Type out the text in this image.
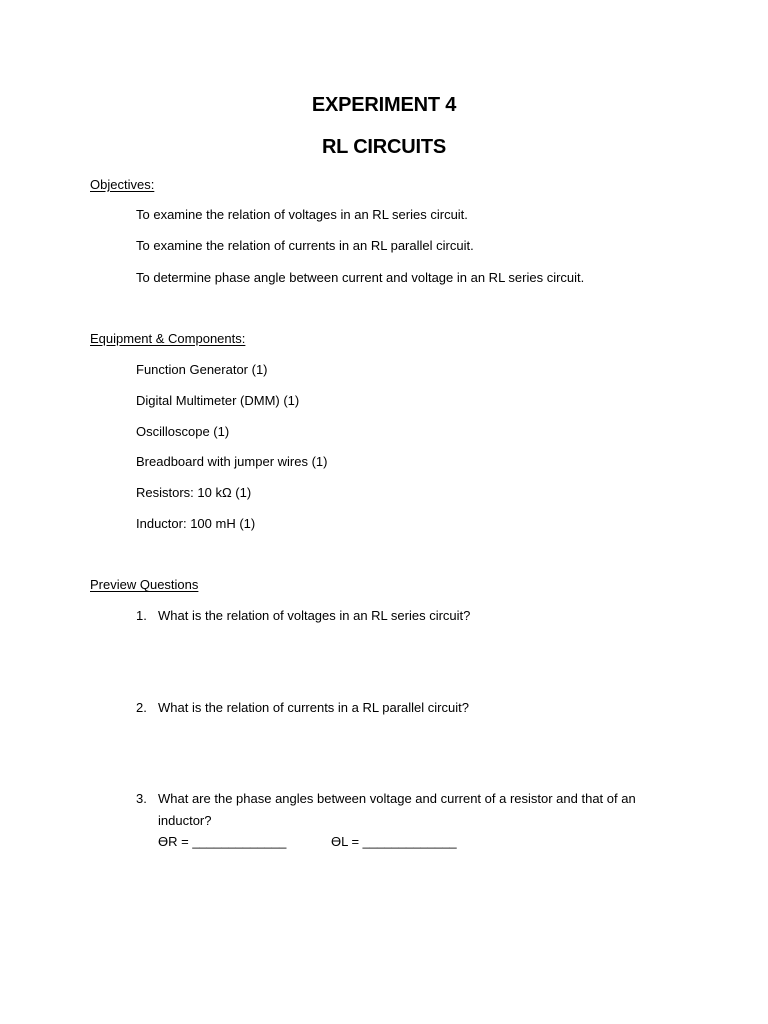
EXPERIMENT 4
RL CIRCUITS
Objectives:
To examine the relation of voltages in an RL series circuit.
To examine the relation of currents in an RL parallel circuit.
To determine phase angle between current and voltage in an RL series circuit.
Equipment & Components:
Function Generator (1)
Digital Multimeter (DMM) (1)
Oscilloscope (1)
Breadboard with jumper wires (1)
Resistors: 10 kΩ (1)
Inductor: 100 mH (1)
Preview Questions
1. What is the relation of voltages in an RL series circuit?
2. What is the relation of currents in a RL parallel circuit?
3. What are the phase angles between voltage and current of a resistor and that of an
inductor?
ϴR = _____________	ϴL = _____________
